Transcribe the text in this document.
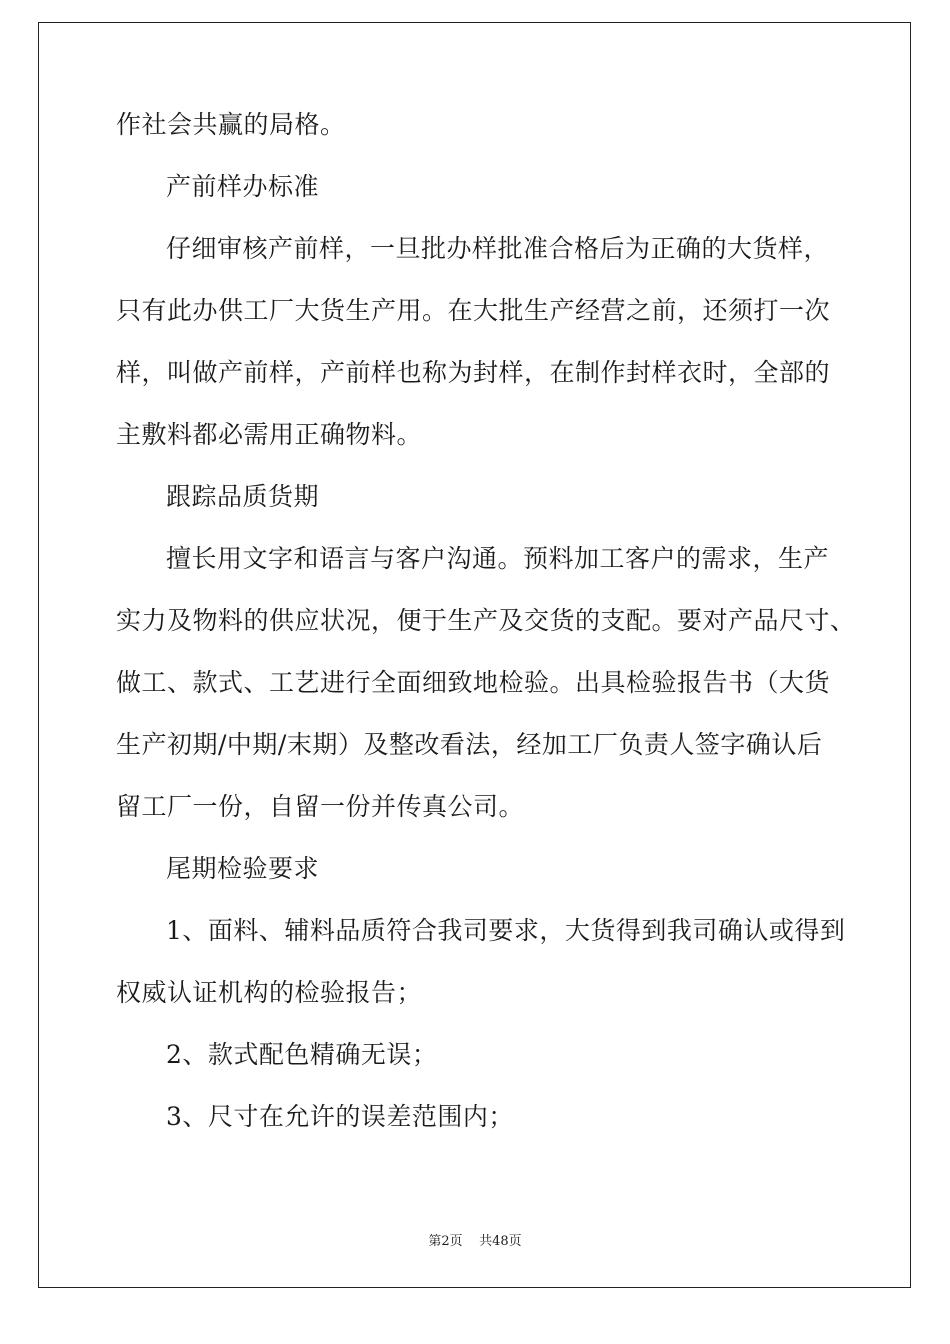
作社会共赢的局格。
产前样办标准
仔细审核产前样，一旦批办样批准合格后为正确的大货样，
只有此办供工厂大货生产用。在大批生产经营之前，还须打一次
样，叫做产前样，产前样也称为封样，在制作封样衣时，全部的
主敷料都必需用正确物料。
跟踪品质货期
擅长用文字和语言与客户沟通。预料加工客户的需求，生产
实力及物料的供应状况，便于生产及交货的支配。要对产品尺寸、
做工、款式、工艺进行全面细致地检验。出具检验报告书（大货
生产初期/中期/末期）及整改看法，经加工厂负责人签字确认后
留工厂一份，自留一份并传真公司。
尾期检验要求
1、面料、辅料品质符合我司要求，大货得到我司确认或得到
权威认证机构的检验报告；
2、款式配色精确无误；
3、尺寸在允许的误差范围内；
第2页    共48页
